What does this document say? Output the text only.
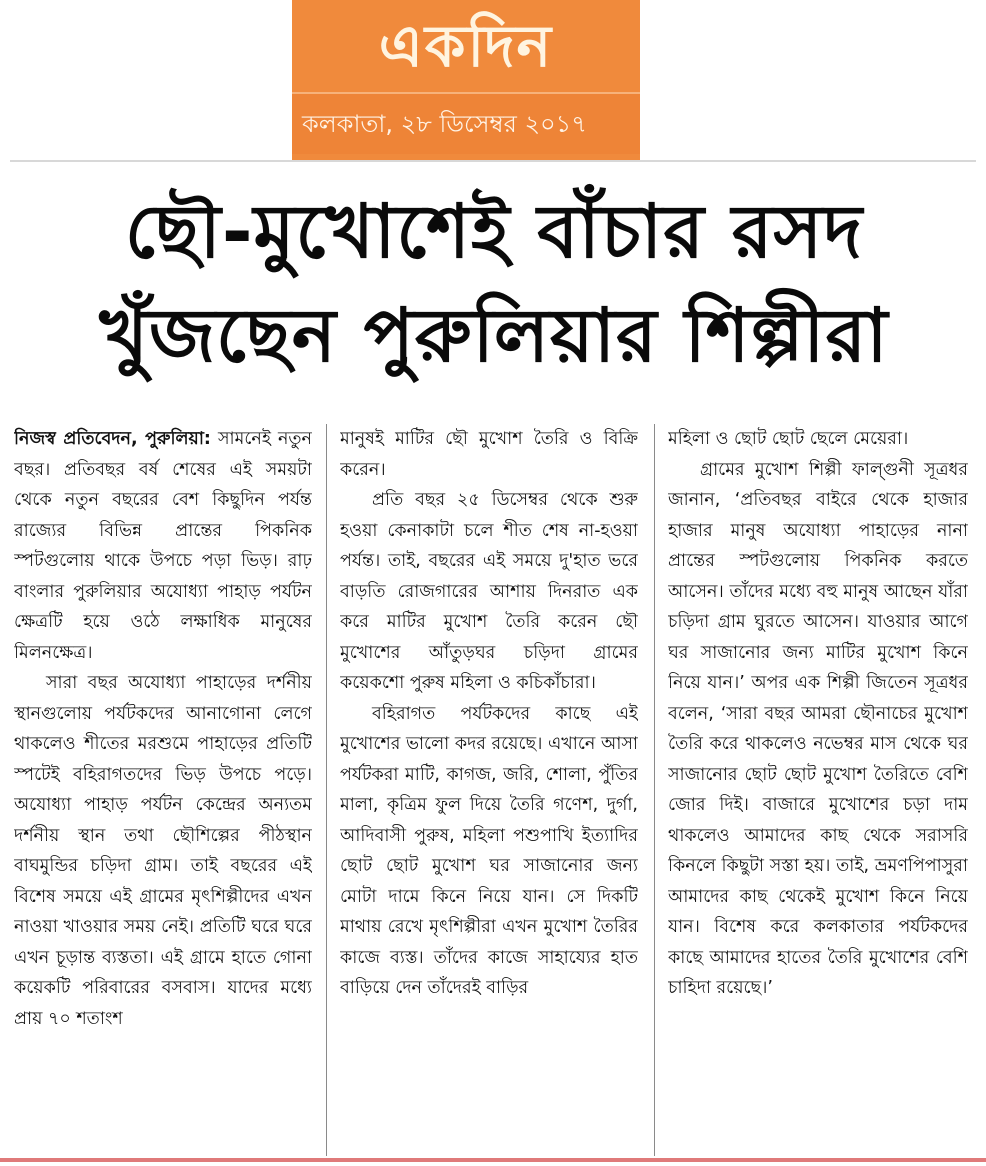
একদিন
কলকাতা, ২৮ ডিসেম্বর ২০১৭
ছৌ-মুখোশেই বাঁচার রসদ
খুঁজছেন পুরুলিয়ার শিল্পীরা

নিজস্ব প্রতিবেদন, পুরুলিয়া: সামনেই নতুন বছর। প্রতিবছর বর্ষ শেষের এই সময়টা থেকে নতুন বছরের বেশ কিছুদিন পর্যন্ত রাজ্যের বিভিন্ন প্রান্তের পিকনিক স্পটগুলোয় থাকে উপচে পড়া ভিড়। রাঢ় বাংলার পুরুলিয়ার অযোধ্যা পাহাড় পর্যটন ক্ষেত্রটি হয়ে ওঠে লক্ষাধিক মানুষের মিলনক্ষেত্র।

সারা বছর অযোধ্যা পাহাড়ের দর্শনীয় স্থানগুলোয় পর্যটকদের আনাগোনা লেগে থাকলেও শীতের মরশুমে পাহাড়ের প্রতিটি স্পটেই বহিরাগতদের ভিড় উপচে পড়ে। অযোধ্যা পাহাড় পর্যটন কেন্দ্রের অন্যতম দর্শনীয় স্থান তথা ছৌশিল্পের পীঠস্থান বাঘমুন্ডির চড়িদা গ্রাম। তাই বছরের এই বিশেষ সময়ে এই গ্রামের মৃৎশিল্পীদের এখন নাওয়া খাওয়ার সময় নেই। প্রতিটি ঘরে ঘরে এখন চূড়ান্ত ব্যস্ততা। এই গ্রামে হাতে গোনা কয়েকটি পরিবারের বসবাস। যাদের মধ্যে প্রায় ৭০ শতাংশ

মানুষই মাটির ছৌ মুখোশ তৈরি ও বিক্রি করেন।

প্রতি বছর ২৫ ডিসেম্বর থেকে শুরু হওয়া কেনাকাটা চলে শীত শেষ না-হওয়া পর্যন্ত। তাই, বছরের এই সময়ে দু'হাত ভরে বাড়তি রোজগারের আশায় দিনরাত এক করে মাটির মুখোশ তৈরি করেন ছৌ মুখোশের আঁতুড়ঘর চড়িদা গ্রামের কয়েকশো পুরুষ মহিলা ও কচিকাঁচারা।

বহিরাগত পর্যটকদের কাছে এই মুখোশের ভালো কদর রয়েছে। এখানে আসা পর্যটকরা মাটি, কাগজ, জরি, শোলা, পুঁতির মালা, কৃত্রিম ফুল দিয়ে তৈরি গণেশ, দুর্গা, আদিবাসী পুরুষ, মহিলা পশুপাখি ইত্যাদির ছোট ছোট মুখোশ ঘর সাজানোর জন্য মোটা দামে কিনে নিয়ে যান। সে দিকটি মাথায় রেখে মৃৎশিল্পীরা এখন মুখোশ তৈরির কাজে ব্যস্ত। তাঁদের কাজে সাহায্যের হাত বাড়িয়ে দেন তাঁদেরই বাড়ির

মহিলা ও ছোট ছোট ছেলে মেয়েরা।

গ্রামের মুখোশ শিল্পী ফাল্গুনী সূত্রধর জানান, ‘প্রতিবছর বাইরে থেকে হাজার হাজার মানুষ অযোধ্যা পাহাড়ের নানা প্রান্তের স্পটগুলোয় পিকনিক করতে আসেন। তাঁদের মধ্যে বহু মানুষ আছেন যাঁরা চড়িদা গ্রাম ঘুরতে আসেন। যাওয়ার আগে ঘর সাজানোর জন্য মাটির মুখোশ কিনে নিয়ে যান।’ অপর এক শিল্পী জিতেন সূত্রধর বলেন, ‘সারা বছর আমরা ছৌনাচের মুখোশ তৈরি করে থাকলেও নভেম্বর মাস থেকে ঘর সাজানোর ছোট ছোট মুখোশ তৈরিতে বেশি জোর দিই। বাজারে মুখোশের চড়া দাম থাকলেও আমাদের কাছ থেকে সরাসরি কিনলে কিছুটা সস্তা হয়। তাই, ভ্রমণপিপাসুরা আমাদের কাছ থেকেই মুখোশ কিনে নিয়ে যান। বিশেষ করে কলকাতার পর্যটকদের কাছে আমাদের হাতের তৈরি মুখোশের বেশি চাহিদা রয়েছে।’
